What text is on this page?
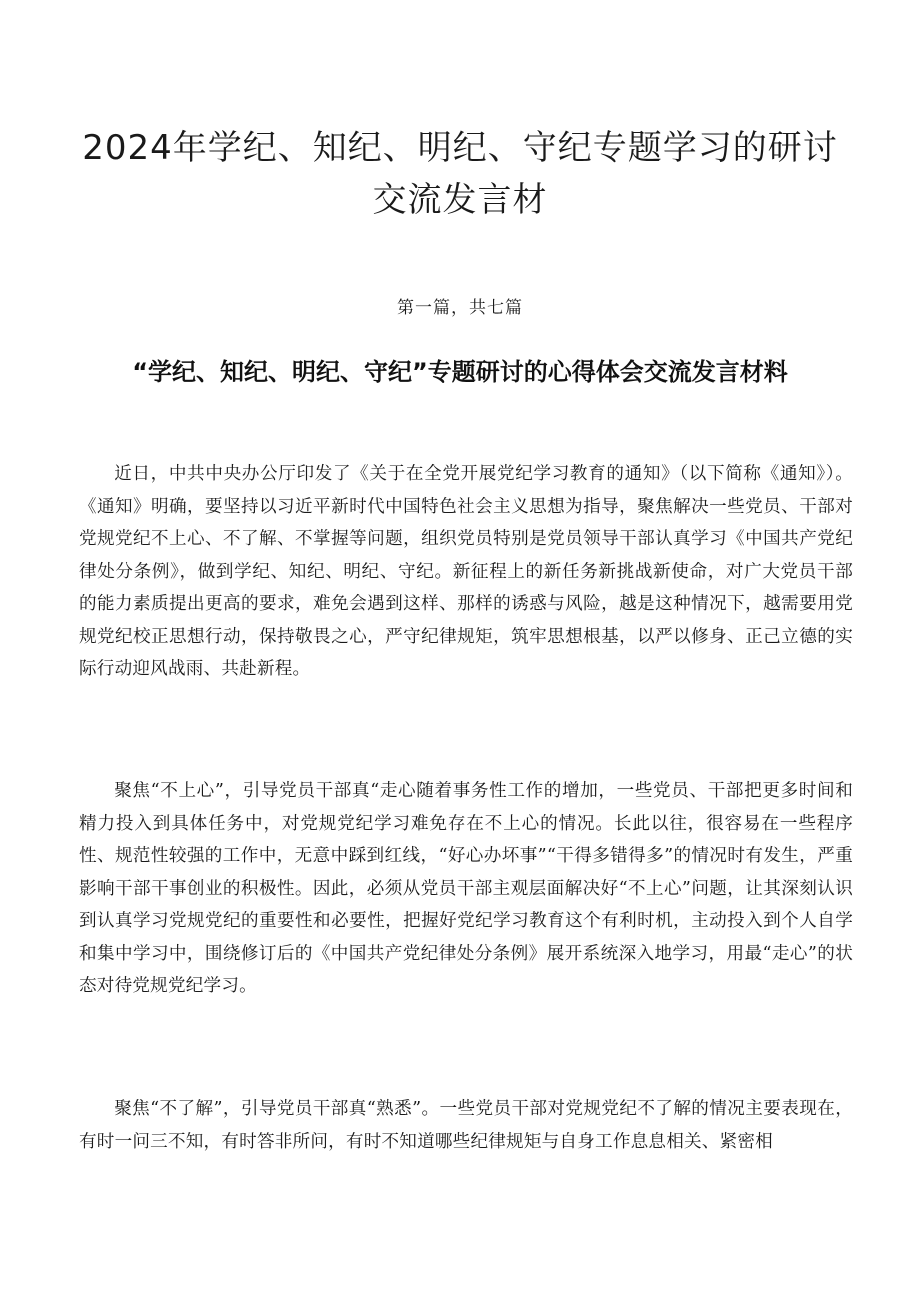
2024年学纪、知纪、明纪、守纪专题学习的研讨交流发言材
第一篇，共七篇
“学纪、知纪、明纪、守纪”专题研讨的心得体会交流发言材料

近日，中共中央办公厅印发了《关于在全党开展党纪学习教育的通知》（以下简称《通知》）。《通知》明确，要坚持以习近平新时代中国特色社会主义思想为指导，聚焦解决一些党员、干部对党规党纪不上心、不了解、不掌握等问题，组织党员特别是党员领导干部认真学习《中国共产党纪律处分条例》，做到学纪、知纪、明纪、守纪。新征程上的新任务新挑战新使命，对广大党员干部的能力素质提出更高的要求，难免会遇到这样、那样的诱惑与风险，越是这种情况下，越需要用党规党纪校正思想行动，保持敬畏之心，严守纪律规矩，筑牢思想根基，以严以修身、正己立德的实际行动迎风战雨、共赴新程。

聚焦“不上心”，引导党员干部真“走心随着事务性工作的增加，一些党员、干部把更多时间和精力投入到具体任务中，对党规党纪学习难免存在不上心的情况。长此以往，很容易在一些程序性、规范性较强的工作中，无意中踩到红线，“好心办坏事”“干得多错得多”的情况时有发生，严重影响干部干事创业的积极性。因此，必须从党员干部主观层面解决好“不上心”问题，让其深刻认识到认真学习党规党纪的重要性和必要性，把握好党纪学习教育这个有利时机，主动投入到个人自学和集中学习中，围绕修订后的《中国共产党纪律处分条例》展开系统深入地学习，用最“走心”的状态对待党规党纪学习。

聚焦“不了解”，引导党员干部真“熟悉”。一些党员干部对党规党纪不了解的情况主要表现在，有时一问三不知，有时答非所问，有时不知道哪些纪律规矩与自身工作息息相关、紧密相
